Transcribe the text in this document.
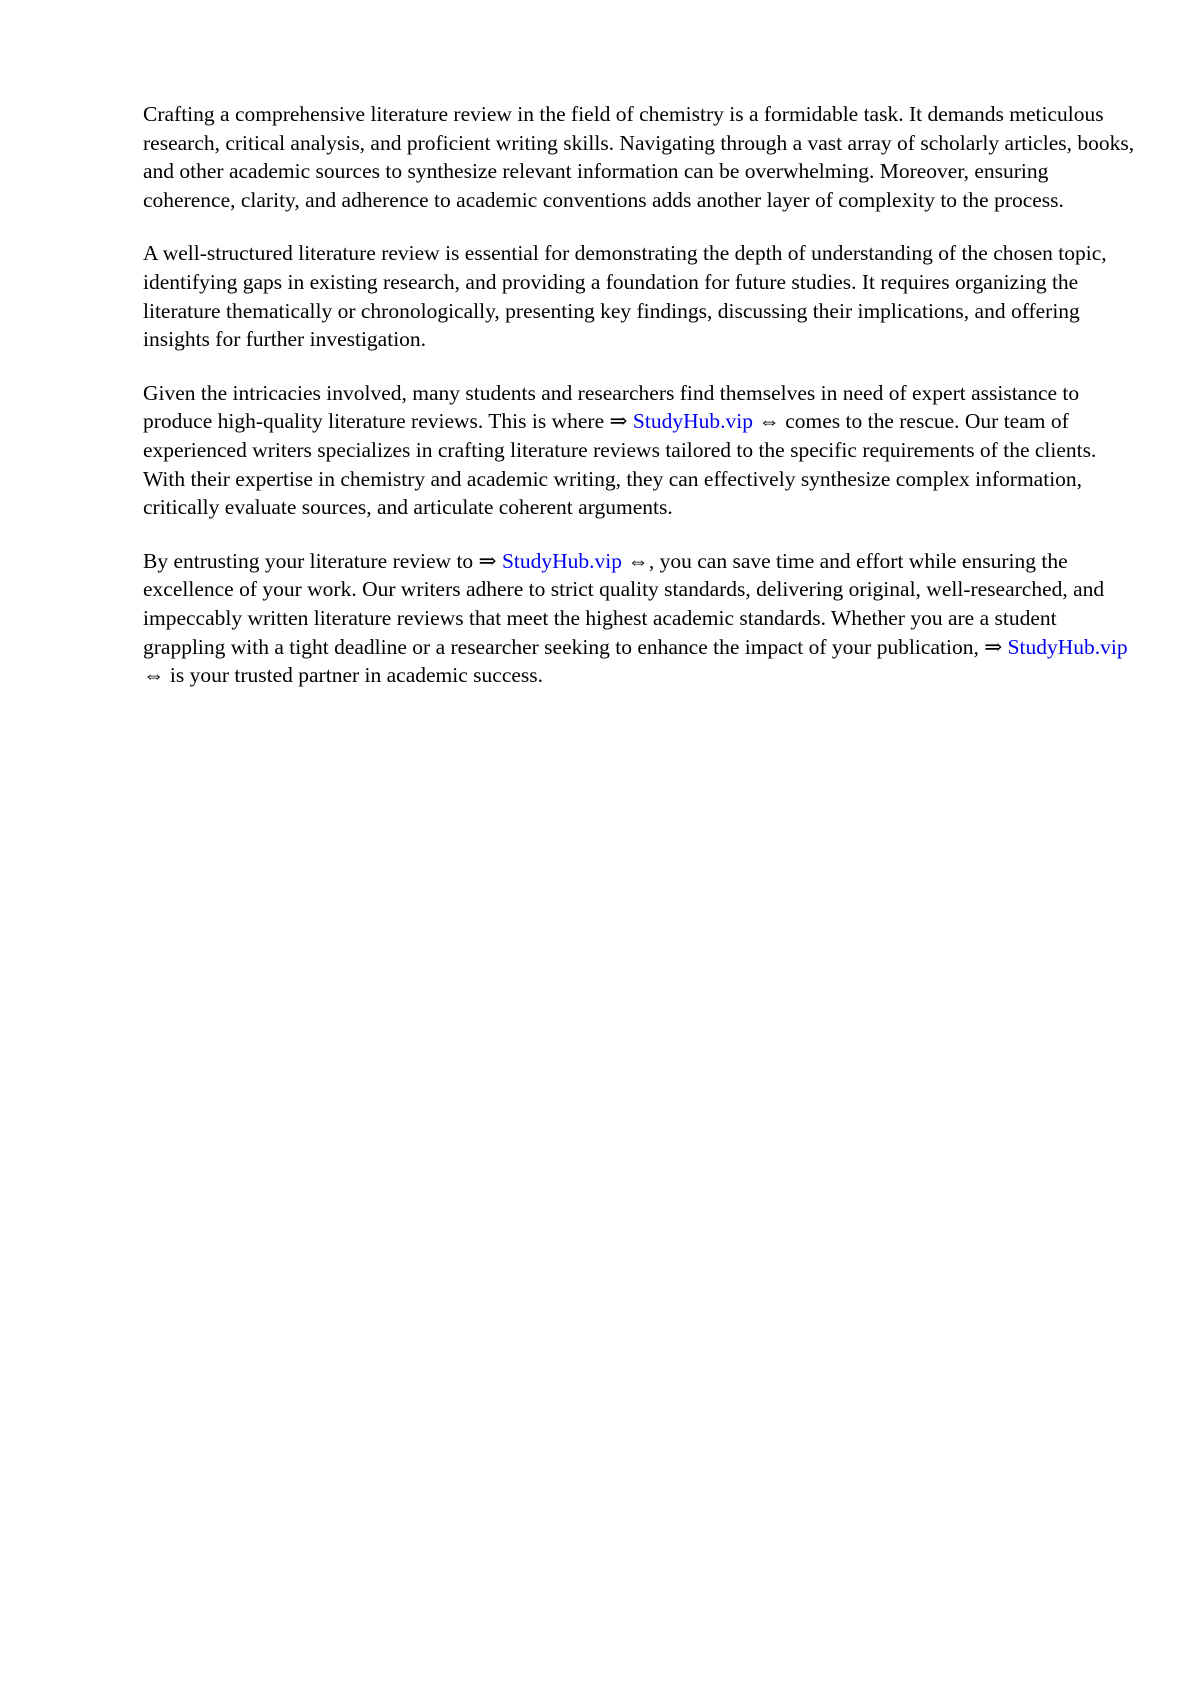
Crafting a comprehensive literature review in the field of chemistry is a formidable task. It demands meticulous research, critical analysis, and proficient writing skills. Navigating through a vast array of scholarly articles, books, and other academic sources to synthesize relevant information can be overwhelming. Moreover, ensuring coherence, clarity, and adherence to academic conventions adds another layer of complexity to the process.

A well-structured literature review is essential for demonstrating the depth of understanding of the chosen topic, identifying gaps in existing research, and providing a foundation for future studies. It requires organizing the literature thematically or chronologically, presenting key findings, discussing their implications, and offering insights for further investigation.

Given the intricacies involved, many students and researchers find themselves in need of expert assistance to produce high-quality literature reviews. This is where ⇒ StudyHub.vip ⇔ comes to the rescue. Our team of experienced writers specializes in crafting literature reviews tailored to the specific requirements of the clients. With their expertise in chemistry and academic writing, they can effectively synthesize complex information, critically evaluate sources, and articulate coherent arguments.

By entrusting your literature review to ⇒ StudyHub.vip ⇔, you can save time and effort while ensuring the excellence of your work. Our writers adhere to strict quality standards, delivering original, well-researched, and impeccably written literature reviews that meet the highest academic standards. Whether you are a student grappling with a tight deadline or a researcher seeking to enhance the impact of your publication, ⇒ StudyHub.vip ⇔ is your trusted partner in academic success.
